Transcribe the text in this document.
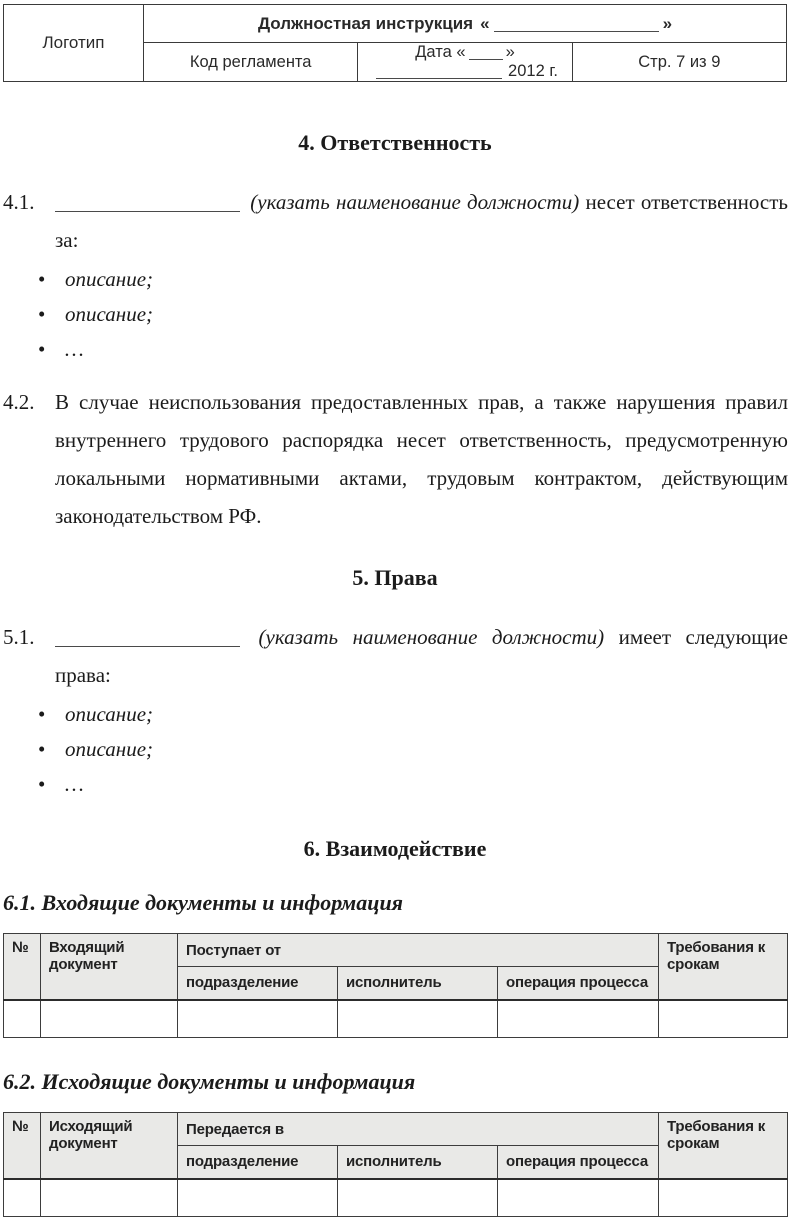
Логотип	Должностная инструкция « »		
	Код регламента	Дата « »2012 г.	Стр. 7 из 9
4. Ответственность
4.1.	(указать наименование должности) несет ответственность за:
• описание;
• описание;
• …
4.2. В случае неиспользования предоставленных прав, а также нарушения правил внутреннего трудового распорядка несет ответственность, предусмотренную локальными нормативными актами, трудовым контрактом, действующим законодательством РФ.
5. Права
5.1.	(указать наименование должности) имеет следующие права:
• описание;
• описание;
• …
6. Взаимодействие
6.1. Входящие документы и информация
№	Входящий документ	Поступает от			Требования к срокам
		подразделение	исполнитель	операция процесса	

6.2. Исходящие документы и информация
№	Исходящий документ	Передается в			Требования к срокам
		подразделение	исполнитель	операция процесса	
